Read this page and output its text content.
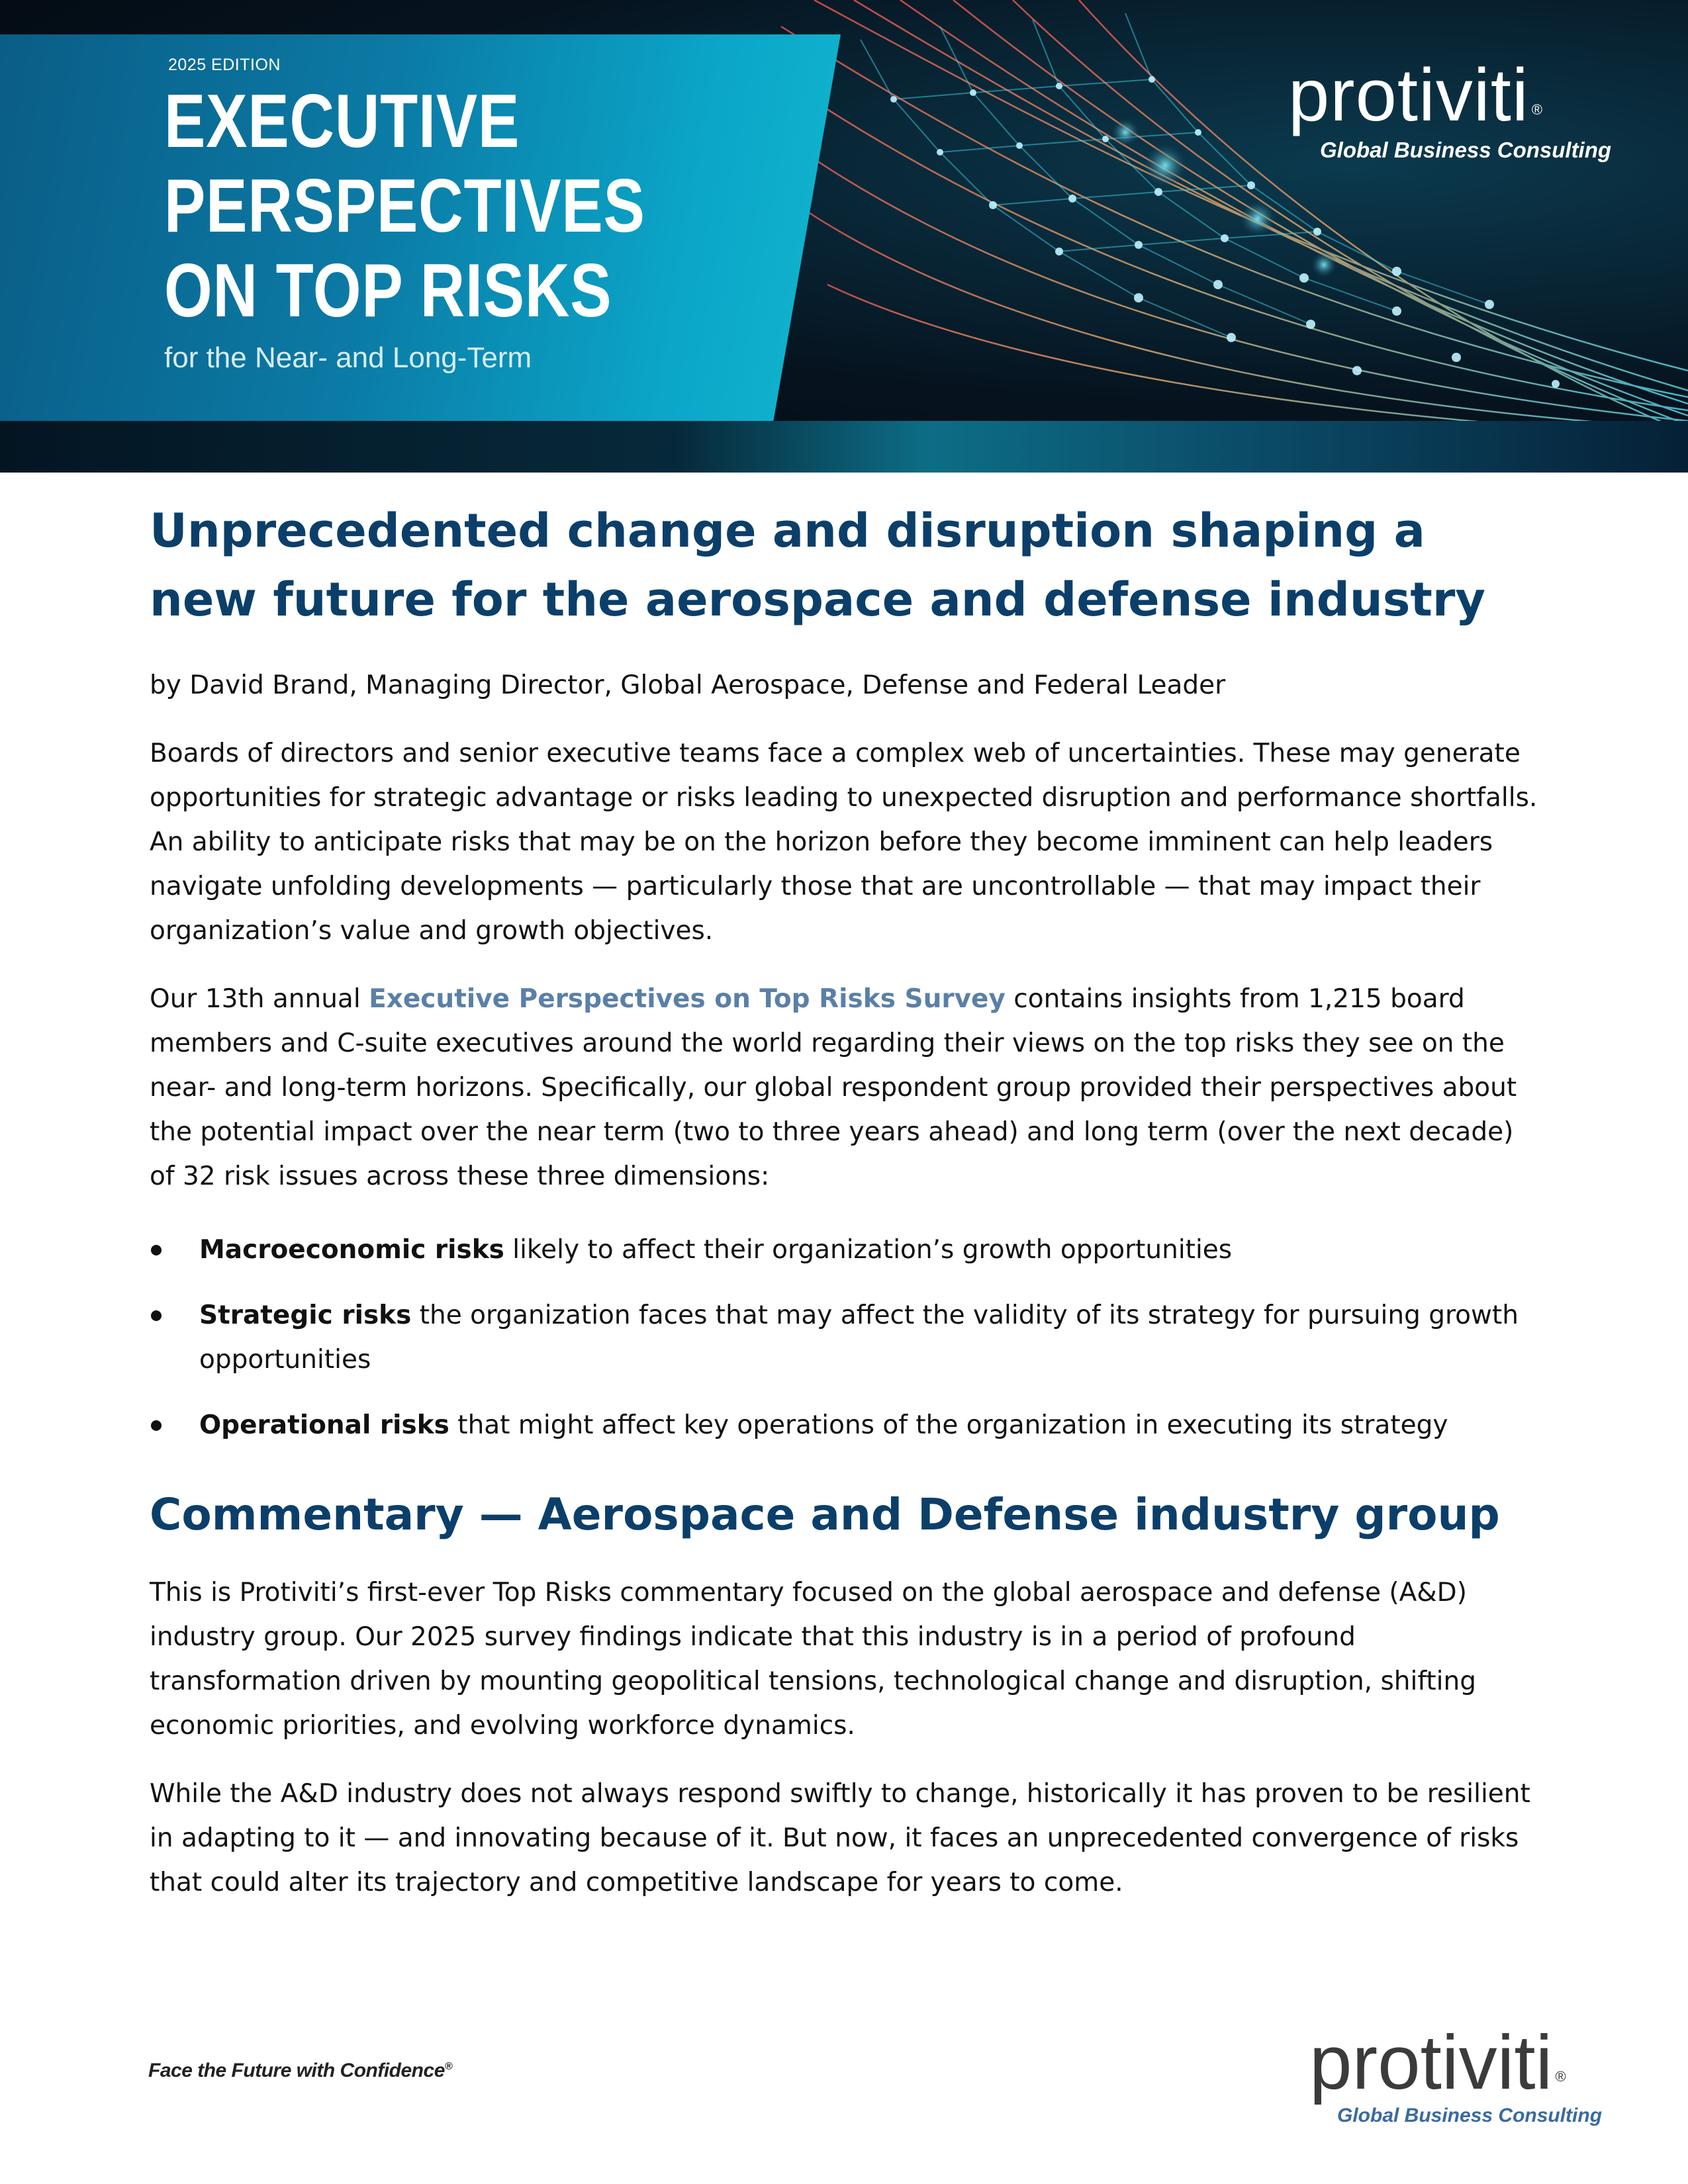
2025 EDITION
EXECUTIVE
PERSPECTIVES
ON TOP RISKS
for the Near- and Long-Term
protiviti ®
Global Business Consulting
Unprecedented change and disruption shaping a new future for the aerospace and defense industry
by David Brand, Managing Director, Global Aerospace, Defense and Federal Leader

Boards of directors and senior executive teams face a complex web of uncertainties. These may generate opportunities for strategic advantage or risks leading to unexpected disruption and performance shortfalls. An ability to anticipate risks that may be on the horizon before they become imminent can help leaders navigate unfolding developments — particularly those that are uncontrollable — that may impact their organization’s value and growth objectives.

Our 13th annual Executive Perspectives on Top Risks Survey contains insights from 1,215 board members and C-suite executives around the world regarding their views on the top risks they see on the near- and long-term horizons. Specifically, our global respondent group provided their perspectives about the potential impact over the near term (two to three years ahead) and long term (over the next decade) of 32 risk issues across these three dimensions:

Macroeconomic risks likely to affect their organization’s growth opportunities
Strategic risks the organization faces that may affect the validity of its strategy for pursuing growth opportunities
Operational risks that might affect key operations of the organization in executing its strategy
Commentary — Aerospace and Defense industry group

This is Protiviti’s first-ever Top Risks commentary focused on the global aerospace and defense (A&D) industry group. Our 2025 survey findings indicate that this industry is in a period of profound transformation driven by mounting geopolitical tensions, technological change and disruption, shifting economic priorities, and evolving workforce dynamics.

While the A&D industry does not always respond swiftly to change, historically it has proven to be resilient in adapting to it — and innovating because of it. But now, it faces an unprecedented convergence of risks that could alter its trajectory and competitive landscape for years to come.

Face the Future with Confidence®	protiviti ®
Global Business Consulting
